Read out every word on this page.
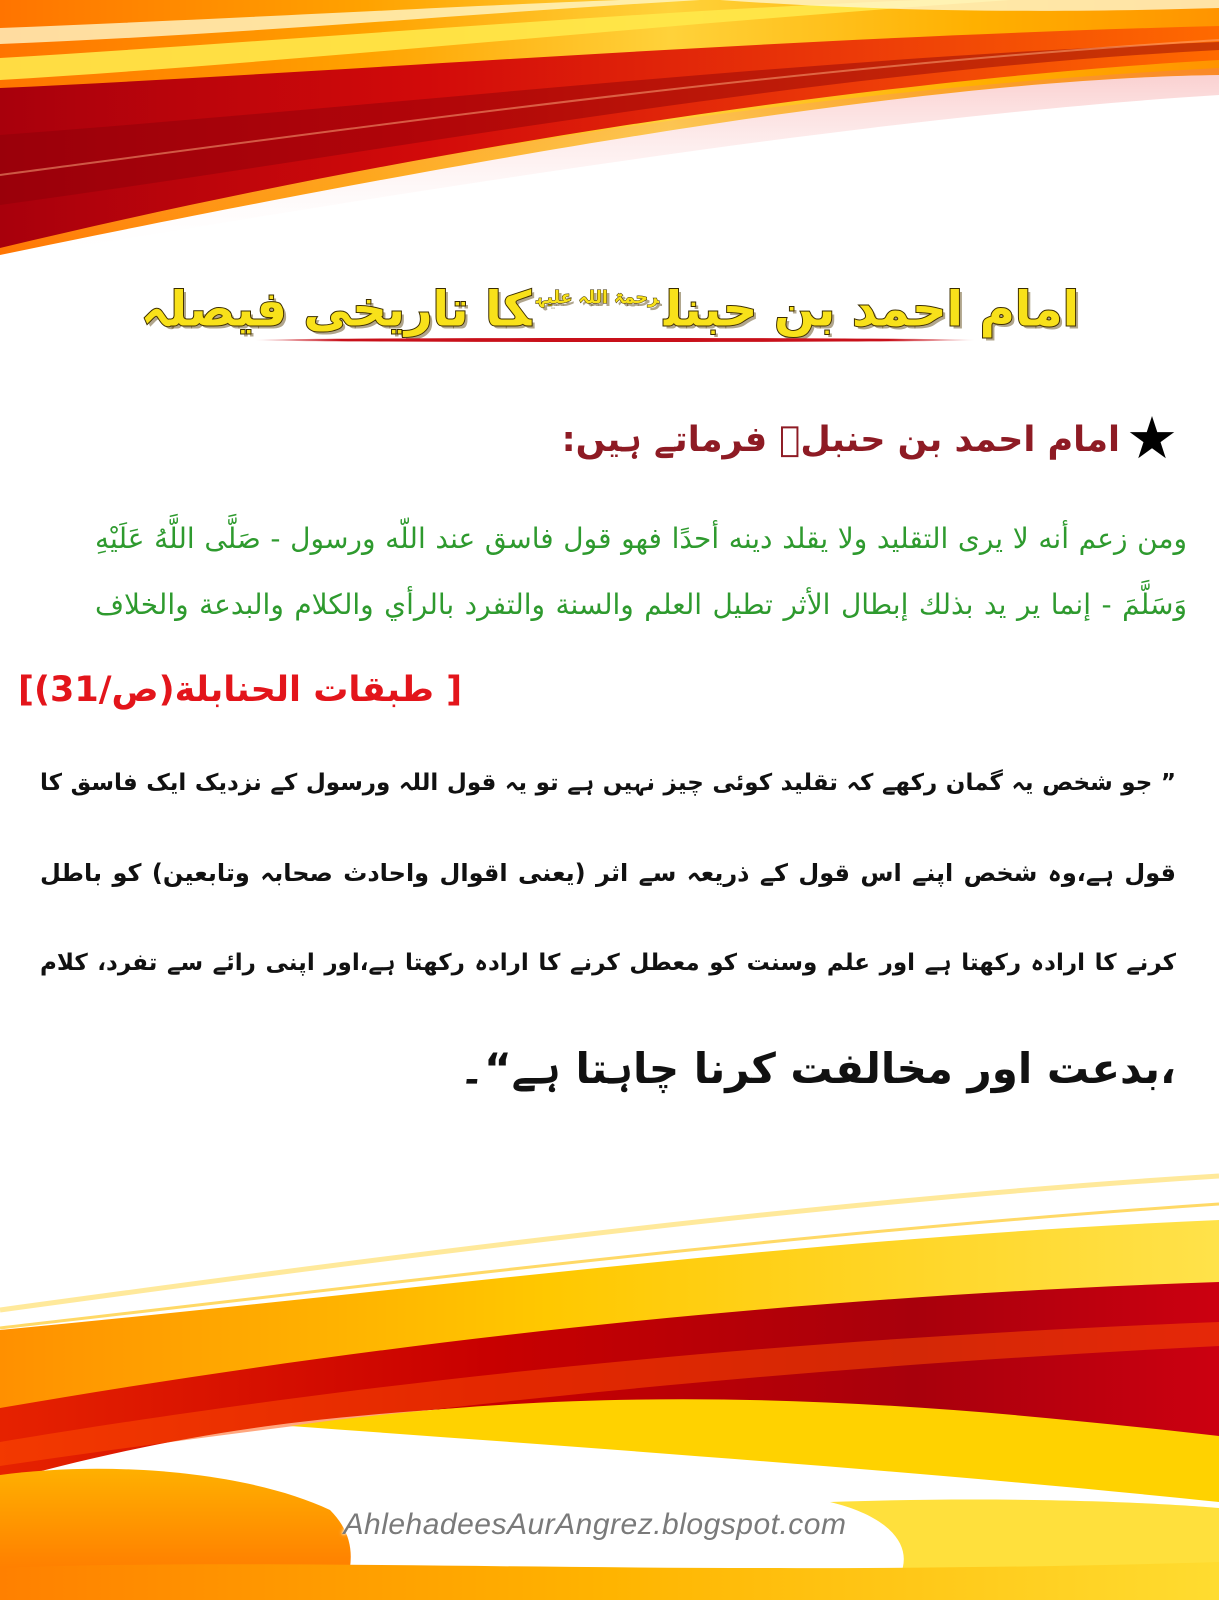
امام احمد بن حبنل$^{رحمۃ اللہ علیہ}$کا تاریخی فیصلہ
★
امام احمد بن حنبلؒ فرماتے ہیں:
ومن زعم أنه لا يرى التقليد ولا يقلد دينه أحدًا فهو قول فاسق عند اللّه ورسول - صَلَّى اللَّهُ عَلَيْهِ
وَسَلَّمَ - إنما ير يد بذلك إبطال الأثر تطيل العلم والسنة والتفرد بالرأي والكلام والبدعة والخلاف
[ طبقات الحنابلة(ص/31)]
” جو شخص یہ گمان رکھے کہ تقلید کوئی چیز نہیں ہے تو یہ قول اللہ ورسول کے نزدیک ایک فاسق کا
قول ہے،وہ شخص اپنے اس قول کے ذریعہ سے اثر (یعنی اقوال واحادث صحابہ وتابعین) کو باطل
کرنے کا ارادہ رکھتا ہے اور علم وسنت کو معطل کرنے کا ارادہ رکھتا ہے،اور اپنی رائے سے تفرد، کلام
،بدعت اور مخالفت کرنا چاہتا ہے“۔
AhlehadeesAurAngrez.blogspot.com
